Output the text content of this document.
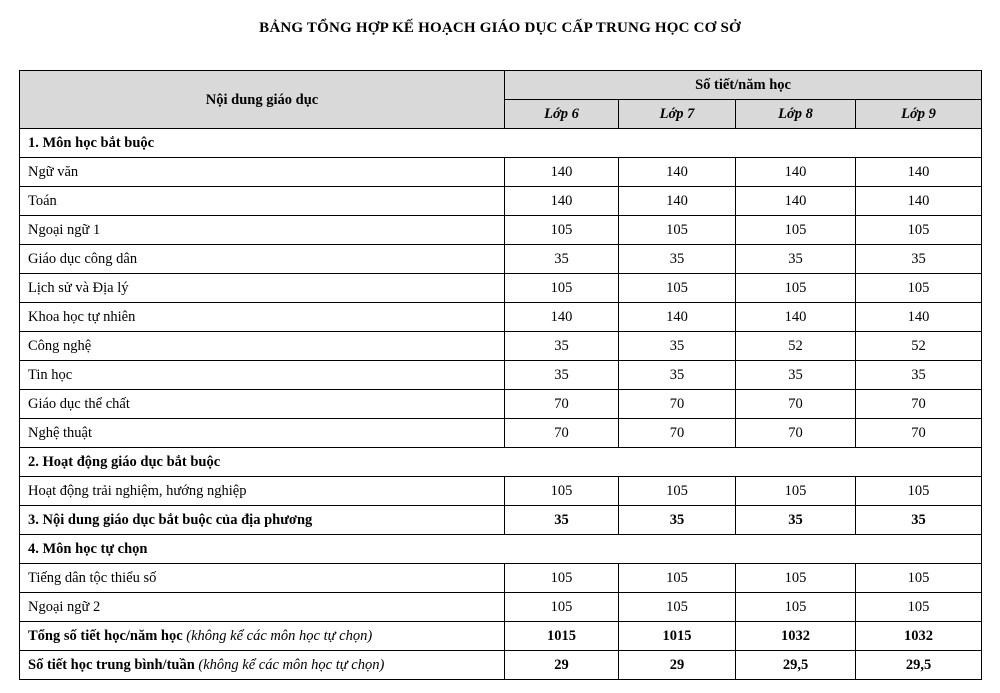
BẢNG TỔNG HỢP KẾ HOẠCH GIÁO DỤC CẤP TRUNG HỌC CƠ SỞ
Nội dung giáo dục	Số tiết/năm học			
	Lớp 6	Lớp 7	Lớp 8	Lớp 9
1. Môn học bắt buộc				
Ngữ văn	140	140	140	140
Toán	140	140	140	140
Ngoại ngữ 1	105	105	105	105
Giáo dục công dân	35	35	35	35
Lịch sử và Địa lý	105	105	105	105
Khoa học tự nhiên	140	140	140	140
Công nghệ	35	35	52	52
Tin học	35	35	35	35
Giáo dục thể chất	70	70	70	70
Nghệ thuật	70	70	70	70
2. Hoạt động giáo dục bắt buộc				
Hoạt động trải nghiệm, hướng nghiệp	105	105	105	105
3. Nội dung giáo dục bắt buộc của địa phương	35	35	35	35
4. Môn học tự chọn				
Tiếng dân tộc thiểu số	105	105	105	105
Ngoại ngữ 2	105	105	105	105
Tổng số tiết học/năm học (không kể các môn học tự chọn)	1015	1015	1032	1032
Số tiết học trung bình/tuần (không kể các môn học tự chọn)	29	29	29,5	29,5
